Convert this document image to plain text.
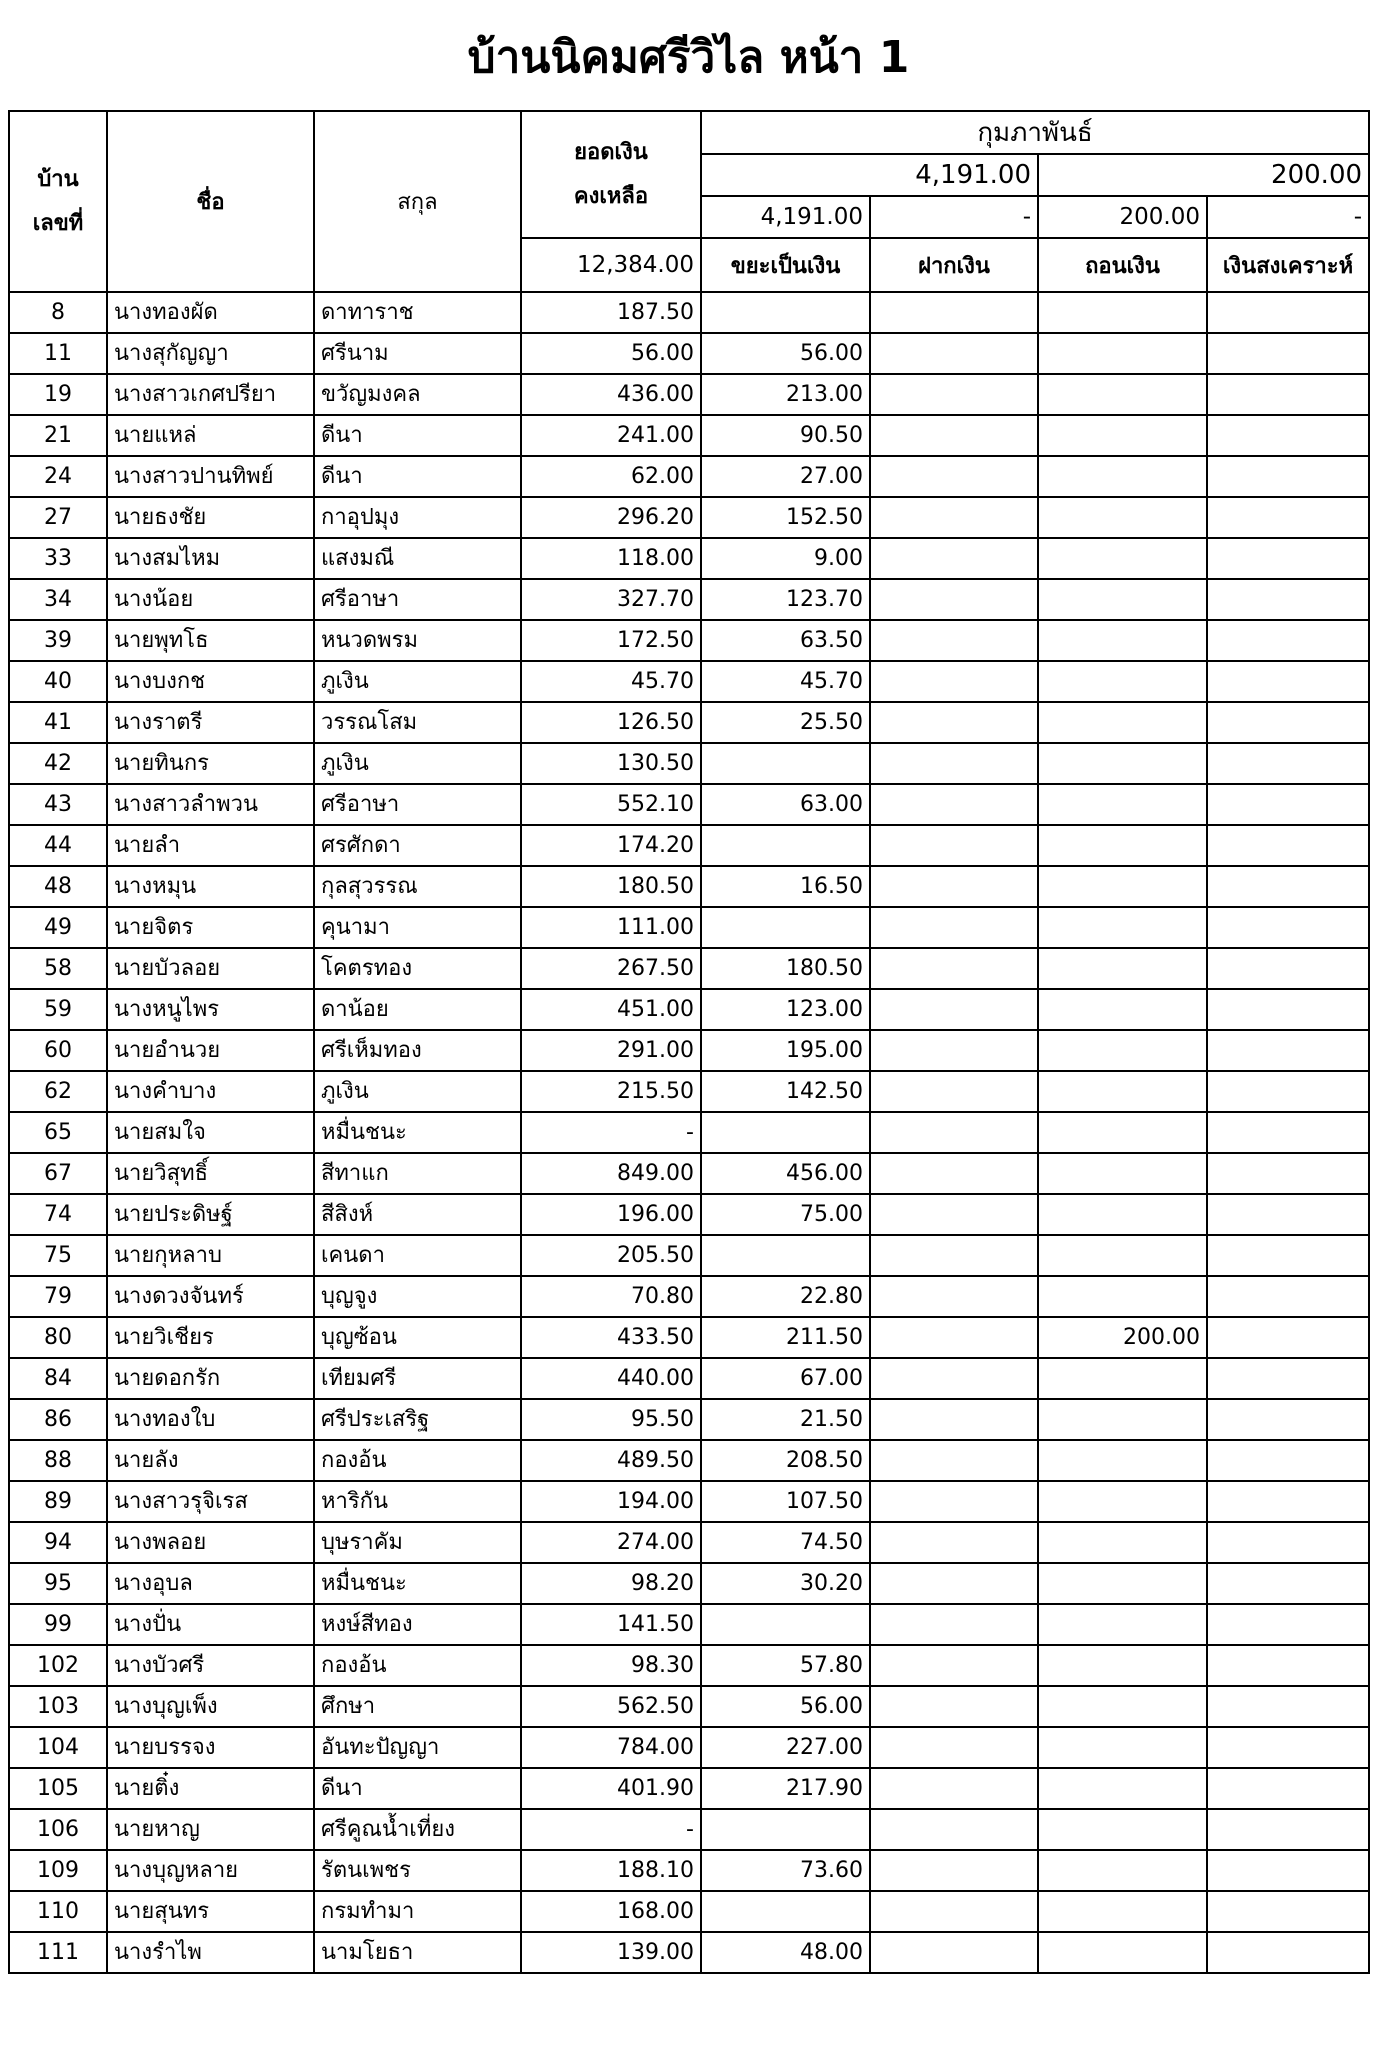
บ้านนิคมศรีวิไล หน้า 1
บ้าน
เลขที่	ชื่อ	สกุล	ยอดเงิน
คงเหลือ	กุมภาพันธ์			
				4,191.00		200.00	
				4,191.00	-	200.00	-
			12,384.00	ขยะเป็นเงิน	ฝากเงิน	ถอนเงิน	เงินสงเคราะห์
8	นางทองผัด	ดาทาราช	187.50				
11	นางสุกัญญา	ศรีนาม	56.00	56.00			
19	นางสาวเกศปรียา	ขวัญมงคล	436.00	213.00			
21	นายแหล่	ดีนา	241.00	90.50			
24	นางสาวปานทิพย์	ดีนา	62.00	27.00			
27	นายธงชัย	กาอุปมุง	296.20	152.50			
33	นางสมไหม	แสงมณี	118.00	9.00			
34	นางน้อย	ศรีอาษา	327.70	123.70			
39	นายพุทโธ	หนวดพรม	172.50	63.50			
40	นางบงกช	ภูเงิน	45.70	45.70			
41	นางราตรี	วรรณโสม	126.50	25.50			
42	นายทินกร	ภูเงิน	130.50				
43	นางสาวลำพวน	ศรีอาษา	552.10	63.00			
44	นายลำ	ศรศักดา	174.20				
48	นางหมุน	กุลสุวรรณ	180.50	16.50			
49	นายจิตร	คุนามา	111.00				
58	นายบัวลอย	โคตรทอง	267.50	180.50			
59	นางหนูไพร	ดาน้อย	451.00	123.00			
60	นายอำนวย	ศรีเห็มทอง	291.00	195.00			
62	นางคำบาง	ภูเงิน	215.50	142.50			
65	นายสมใจ	หมื่นชนะ	-				
67	นายวิสุทธิ์	สีทาแก	849.00	456.00			
74	นายประดิษฐ์	สีสิงห์	196.00	75.00			
75	นายกุหลาบ	เคนดา	205.50				
79	นางดวงจันทร์	บุญจูง	70.80	22.80			
80	นายวิเชียร	บุญซ้อน	433.50	211.50		200.00	
84	นายดอกรัก	เทียมศรี	440.00	67.00			
86	นางทองใบ	ศรีประเสริฐ	95.50	21.50			
88	นายลัง	กองอ้น	489.50	208.50			
89	นางสาวรุจิเรส	หาริกัน	194.00	107.50			
94	นางพลอย	บุษราคัม	274.00	74.50			
95	นางอุบล	หมื่นชนะ	98.20	30.20			
99	นางปั่น	หงษ์สีทอง	141.50				
102	นางบัวศรี	กองอ้น	98.30	57.80			
103	นางบุญเพ็ง	ศึกษา	562.50	56.00			
104	นายบรรจง	อันทะปัญญา	784.00	227.00			
105	นายติ๋ง	ดีนา	401.90	217.90			
106	นายหาญ	ศรีคูณน้ำเที่ยง	-				
109	นางบุญหลาย	รัตนเพชร	188.10	73.60			
110	นายสุนทร	กรมทำมา	168.00				
111	นางรำไพ	นามโยธา	139.00	48.00			
